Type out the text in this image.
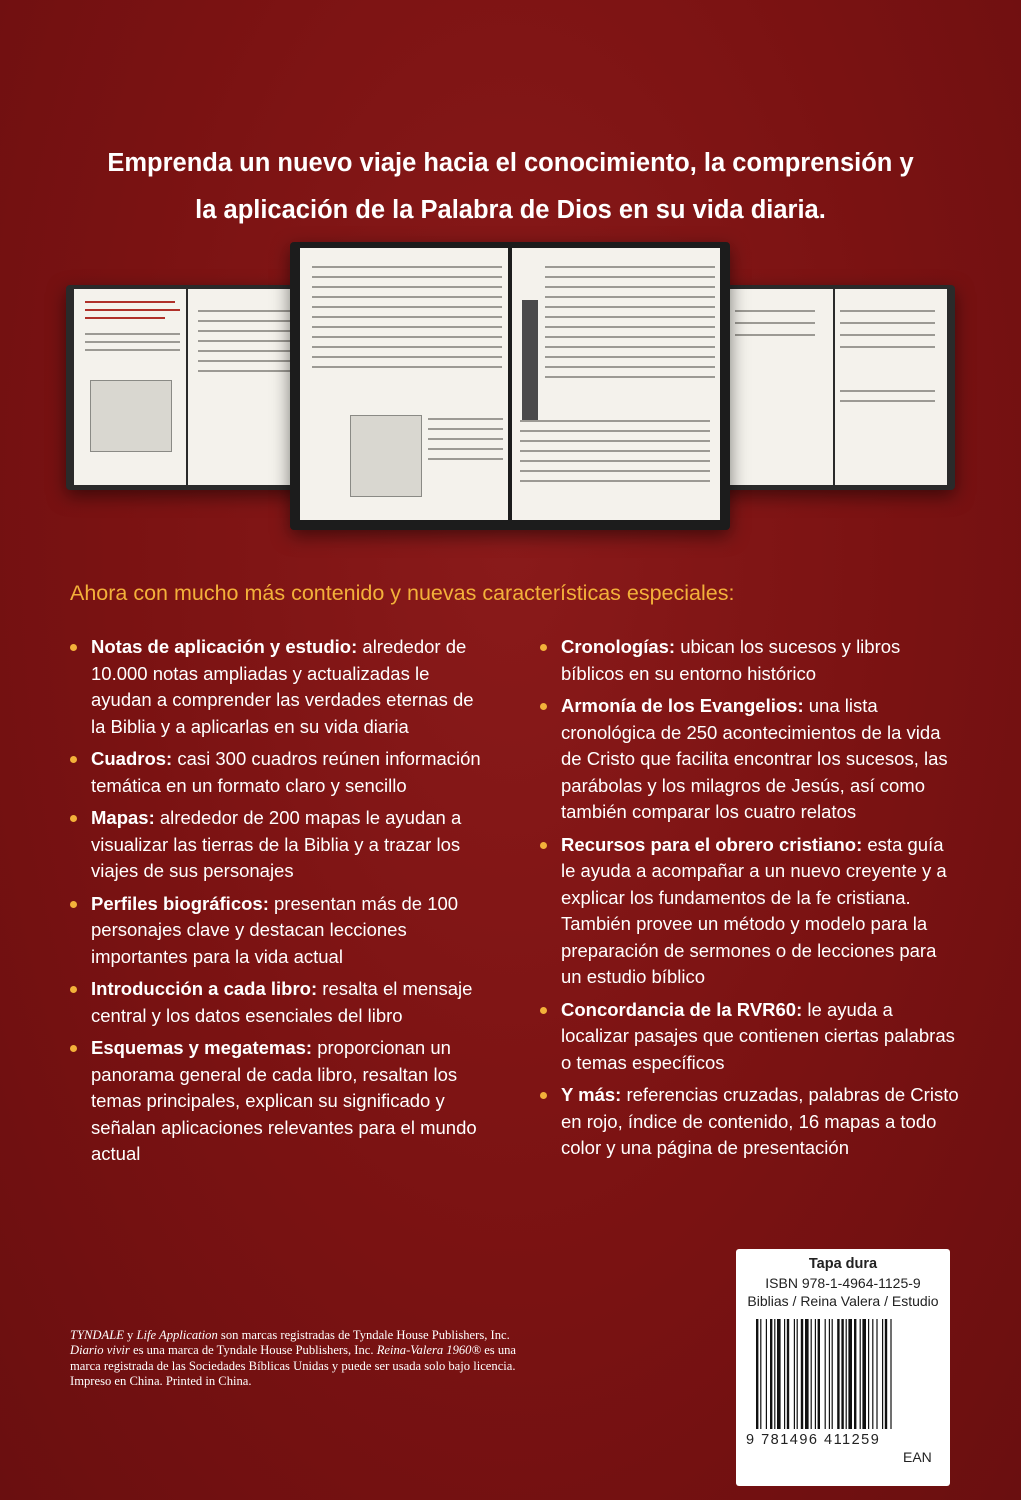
Emprenda un nuevo viaje hacia el conocimiento, la comprensión y
la aplicación de la Palabra de Dios en su vida diaria.
Ahora con mucho más contenido y nuevas características especiales:
Notas de aplicación y estudio: alrededor de 10.000 notas ampliadas y actualizadas le ayudan a comprender las verdades eternas de la Biblia y a aplicarlas en su vida diaria
Cuadros: casi 300 cuadros reúnen información temática en un formato claro y sencillo
Mapas: alrededor de 200 mapas le ayudan a visualizar las tierras de la Biblia y a trazar los viajes de sus personajes
Perfiles biográficos: presentan más de 100 personajes clave y destacan lecciones importantes para la vida actual
Introducción a cada libro: resalta el mensaje central y los datos esenciales del libro
Esquemas y megatemas: proporcionan un panorama general de cada libro, resaltan los temas principales, explican su significado y señalan aplicaciones relevantes para el mundo actual
Cronologías: ubican los sucesos y libros bíblicos en su entorno histórico
Armonía de los Evangelios: una lista cronológica de 250 acontecimientos de la vida de Cristo que facilita encontrar los sucesos, las parábolas y los milagros de Jesús, así como también comparar los cuatro relatos
Recursos para el obrero cristiano: esta guía le ayuda a acompañar a un nuevo creyente y a explicar los fundamentos de la fe cristiana. También provee un método y modelo para la preparación de sermones o de lecciones para un estudio bíblico
Concordancia de la RVR60: le ayuda a localizar pasajes que contienen ciertas palabras o temas específicos
Y más: referencias cruzadas, palabras de Cristo en rojo, índice de contenido, 16 mapas a todo color y una página de presentación
TYNDALE y Life Application son marcas registradas de Tyndale House Publishers, Inc.
Diario vivir es una marca de Tyndale House Publishers, Inc. Reina-Valera 1960® es una
marca registrada de las Sociedades Bíblicas Unidas y puede ser usada solo bajo licencia.
Impreso en China. Printed in China.
Tapa dura
ISBN 978-1-4964-1125-9
Biblias / Reina Valera / Estudio
9 781496 411259
EAN
